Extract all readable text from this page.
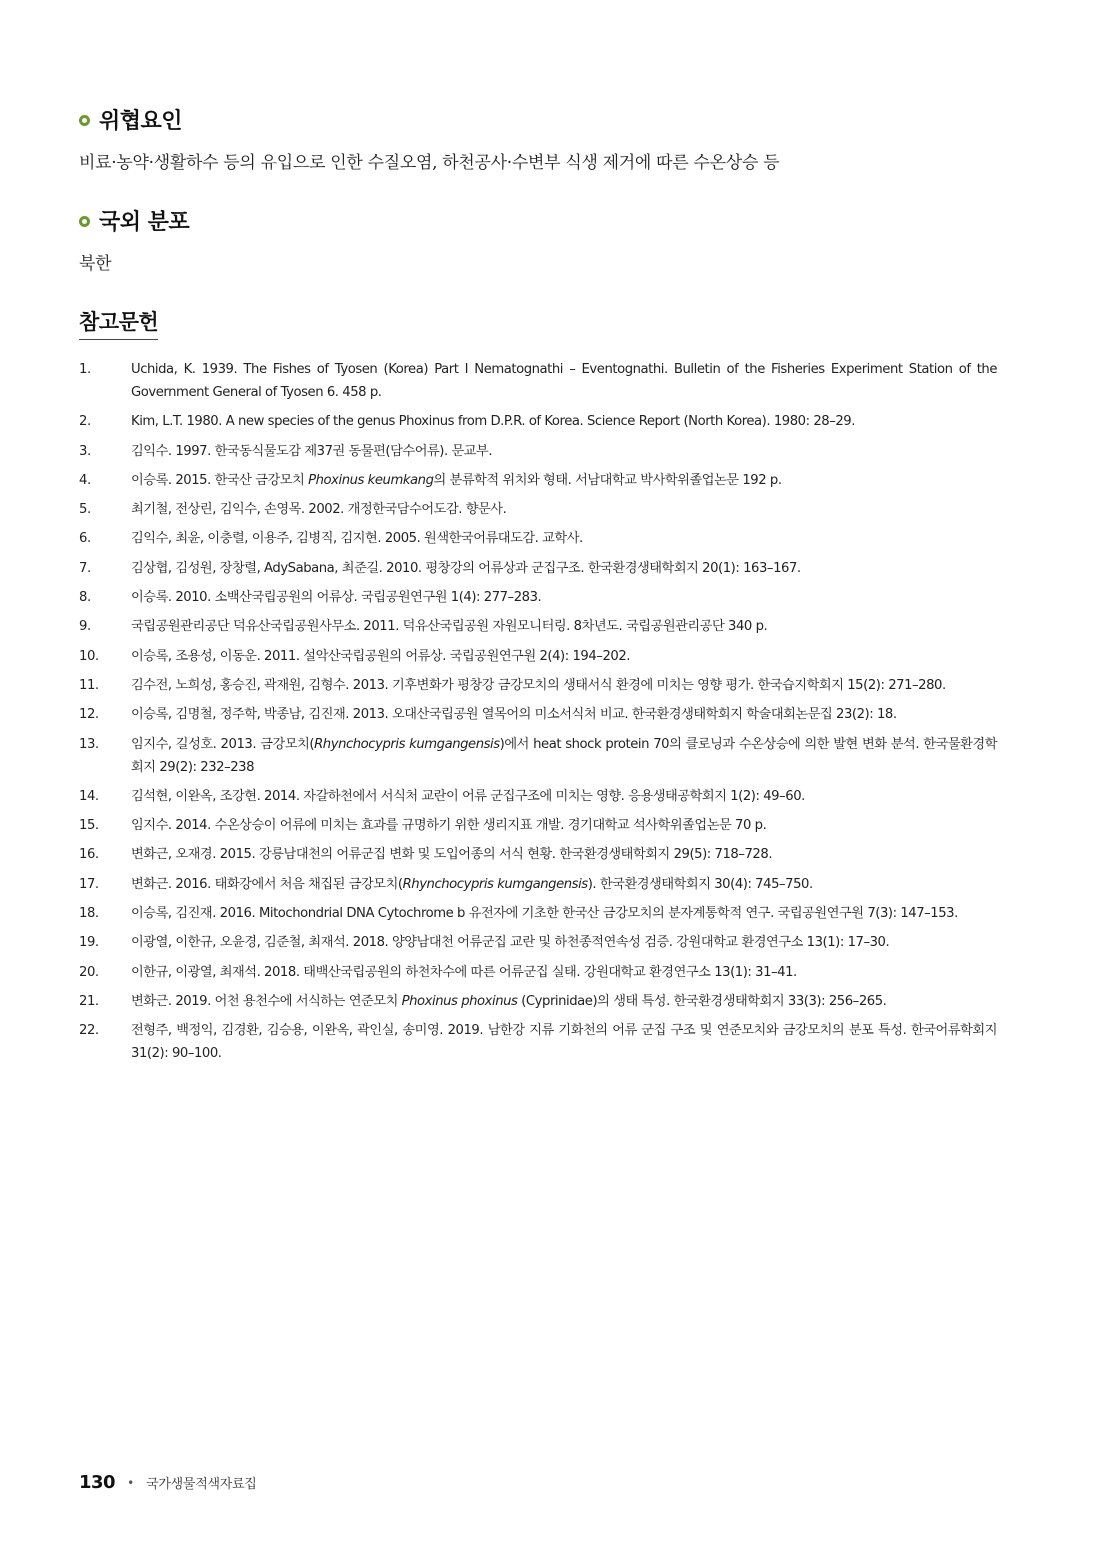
위협요인
비료·농약·생활하수 등의 유입으로 인한 수질오염, 하천공사·수변부 식생 제거에 따른 수온상승 등
국외 분포
북한
참고문헌
1.	Uchida, K. 1939. The Fishes of Tyosen (Korea) Part I Nematognathi – Eventognathi. Bulletin of the Fisheries Experiment Station of the Government General of Tyosen 6. 458 p.
2.	Kim, L.T. 1980. A new species of the genus Phoxinus from D.P.R. of Korea. Science Report (North Korea). 1980: 28–29.
3.	김익수. 1997. 한국동식물도감 제37권 동물편(담수어류). 문교부.
4.	이승록. 2015. 한국산 금강모치 Phoxinus keumkang의 분류학적 위치와 형태. 서남대학교 박사학위졸업논문 192 p.
5.	최기철, 전상린, 김익수, 손영목. 2002. 개정한국담수어도감. 향문사.
6.	김익수, 최윤, 이충렬, 이용주, 김병직, 김지현. 2005. 원색한국어류대도감. 교학사.
7.	김상협, 김성원, 장창렬, AdySabana, 최준길. 2010. 평창강의 어류상과 군집구조. 한국환경생태학회지 20(1): 163–167.
8.	이승록. 2010. 소백산국립공원의 어류상. 국립공원연구원 1(4): 277–283.
9.	국립공원관리공단 덕유산국립공원사무소. 2011. 덕유산국립공원 자원모니터링. 8차년도. 국립공원관리공단 340 p.
10.	이승록, 조용성, 이동운. 2011. 설악산국립공원의 어류상. 국립공원연구원 2(4): 194–202.
11.	김수전, 노희성, 홍승진, 곽재원, 김형수. 2013. 기후변화가 평창강 금강모치의 생태서식 환경에 미치는 영향 평가. 한국습지학회지 15(2): 271–280.
12.	이승록, 김명철, 정주학, 박종남, 김진재. 2013. 오대산국립공원 열목어의 미소서식처 비교. 한국환경생태학회지 학술대회논문집 23(2): 18.
13.	임지수, 길성호. 2013. 금강모치(Rhynchocypris kumgangensis)에서 heat shock protein 70의 클로닝과 수온상승에 의한 발현 변화 분석. 한국물환경학회지 29(2): 232–238
14.	김석현, 이완옥, 조강현. 2014. 자갈하천에서 서식처 교란이 어류 군집구조에 미치는 영향. 응용생태공학회지 1(2): 49–60.
15.	임지수. 2014. 수온상승이 어류에 미치는 효과를 규명하기 위한 생리지표 개발. 경기대학교 석사학위졸업논문 70 p.
16.	변화근, 오재경. 2015. 강릉남대천의 어류군집 변화 및 도입어종의 서식 현황. 한국환경생태학회지 29(5): 718–728.
17.	변화근. 2016. 태화강에서 처음 채집된 금강모치(Rhynchocypris kumgangensis). 한국환경생태학회지 30(4): 745–750.
18.	이승록, 김진재. 2016. Mitochondrial DNA Cytochrome b 유전자에 기초한 한국산 금강모치의 분자계통학적 연구. 국립공원연구원 7(3): 147–153.
19.	이광열, 이한규, 오윤경, 김준철, 최재석. 2018. 양양남대천 어류군집 교란 및 하천종적연속성 검증. 강원대학교 환경연구소 13(1): 17–30.
20.	이한규, 이광열, 최재석. 2018. 태백산국립공원의 하천차수에 따른 어류군집 실태. 강원대학교 환경연구소 13(1): 31–41.
21.	변화근. 2019. 어천 용천수에 서식하는 연준모치 Phoxinus phoxinus (Cyprinidae)의 생태 특성. 한국환경생태학회지 33(3): 256–265.
22.	전형주, 백정익, 김경환, 김승용, 이완옥, 곽인실, 송미영. 2019. 남한강 지류 기화천의 어류 군집 구조 및 연준모치와 금강모치의 분포 특성. 한국어류학회지 31(2): 90–100.
130 • 국가생물적색자료집
